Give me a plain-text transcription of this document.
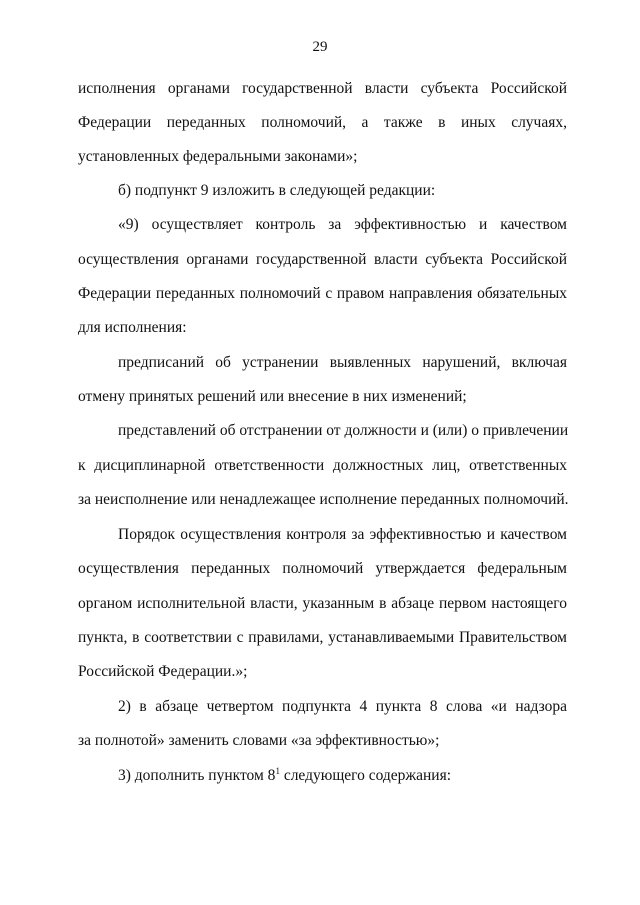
29
исполнения органами государственной власти субъекта Российской
Федерации переданных полномочий, а также в иных случаях,
установленных федеральными законами»;
б) подпункт 9 изложить в следующей редакции:
«9) осуществляет контроль за эффективностью и качеством
осуществления органами государственной власти субъекта Российской
Федерации переданных полномочий с правом направления обязательных
для исполнения:
предписаний об устранении выявленных нарушений, включая
отмену принятых решений или внесение в них изменений;
представлений об отстранении от должности и (или) о привлечении
к дисциплинарной ответственности должностных лиц, ответственных
за неисполнение или ненадлежащее исполнение переданных полномочий.
Порядок осуществления контроля за эффективностью и качеством
осуществления переданных полномочий утверждается федеральным
органом исполнительной власти, указанным в абзаце первом настоящего
пункта, в соответствии с правилами, устанавливаемыми Правительством
Российской Федерации.»;
2) в абзаце четвертом подпункта 4 пункта 8 слова «и надзора
за полнотой» заменить словами «за эффективностью»;
3) дополнить пунктом $8^1$ следующего содержания:
